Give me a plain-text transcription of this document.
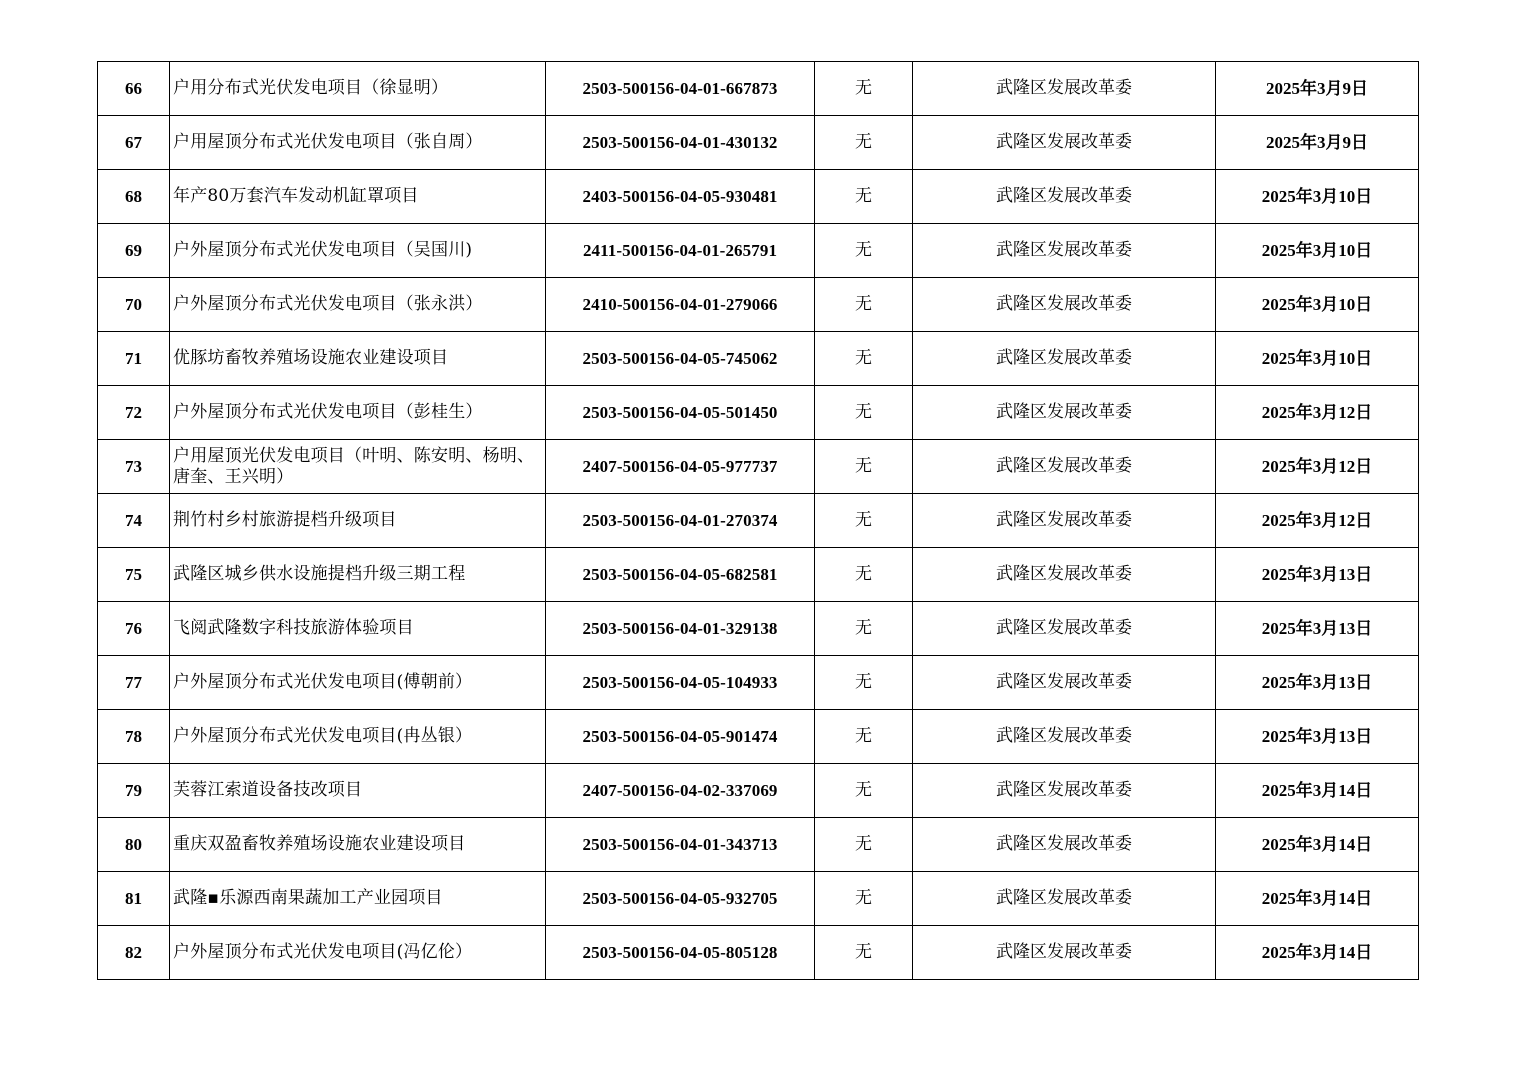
66	户用分布式光伏发电项目（徐显明）	2503-500156-04-01-667873	无	武隆区发展改革委	2025年3月9日
67	户用屋顶分布式光伏发电项目（张自周）	2503-500156-04-01-430132	无	武隆区发展改革委	2025年3月9日
68	年产80万套汽车发动机缸罩项目	2403-500156-04-05-930481	无	武隆区发展改革委	2025年3月10日
69	户外屋顶分布式光伏发电项目（吴国川)	2411-500156-04-01-265791	无	武隆区发展改革委	2025年3月10日
70	户外屋顶分布式光伏发电项目（张永洪）	2410-500156-04-01-279066	无	武隆区发展改革委	2025年3月10日
71	优豚坊畜牧养殖场设施农业建设项目	2503-500156-04-05-745062	无	武隆区发展改革委	2025年3月10日
72	户外屋顶分布式光伏发电项目（彭桂生）	2503-500156-04-05-501450	无	武隆区发展改革委	2025年3月12日
73	户用屋顶光伏发电项目（叶明、陈安明、杨明、唐奎、王兴明）	2407-500156-04-05-977737	无	武隆区发展改革委	2025年3月12日
74	荆竹村乡村旅游提档升级项目	2503-500156-04-01-270374	无	武隆区发展改革委	2025年3月12日
75	武隆区城乡供水设施提档升级三期工程	2503-500156-04-05-682581	无	武隆区发展改革委	2025年3月13日
76	飞阅武隆数字科技旅游体验项目	2503-500156-04-01-329138	无	武隆区发展改革委	2025年3月13日
77	户外屋顶分布式光伏发电项目(傅朝前）	2503-500156-04-05-104933	无	武隆区发展改革委	2025年3月13日
78	户外屋顶分布式光伏发电项目(冉丛银）	2503-500156-04-05-901474	无	武隆区发展改革委	2025年3月13日
79	芙蓉江索道设备技改项目	2407-500156-04-02-337069	无	武隆区发展改革委	2025年3月14日
80	重庆双盈畜牧养殖场设施农业建设项目	2503-500156-04-01-343713	无	武隆区发展改革委	2025年3月14日
81	武隆▪乐源西南果蔬加工产业园项目	2503-500156-04-05-932705	无	武隆区发展改革委	2025年3月14日
82	户外屋顶分布式光伏发电项目(冯亿伦）	2503-500156-04-05-805128	无	武隆区发展改革委	2025年3月14日
